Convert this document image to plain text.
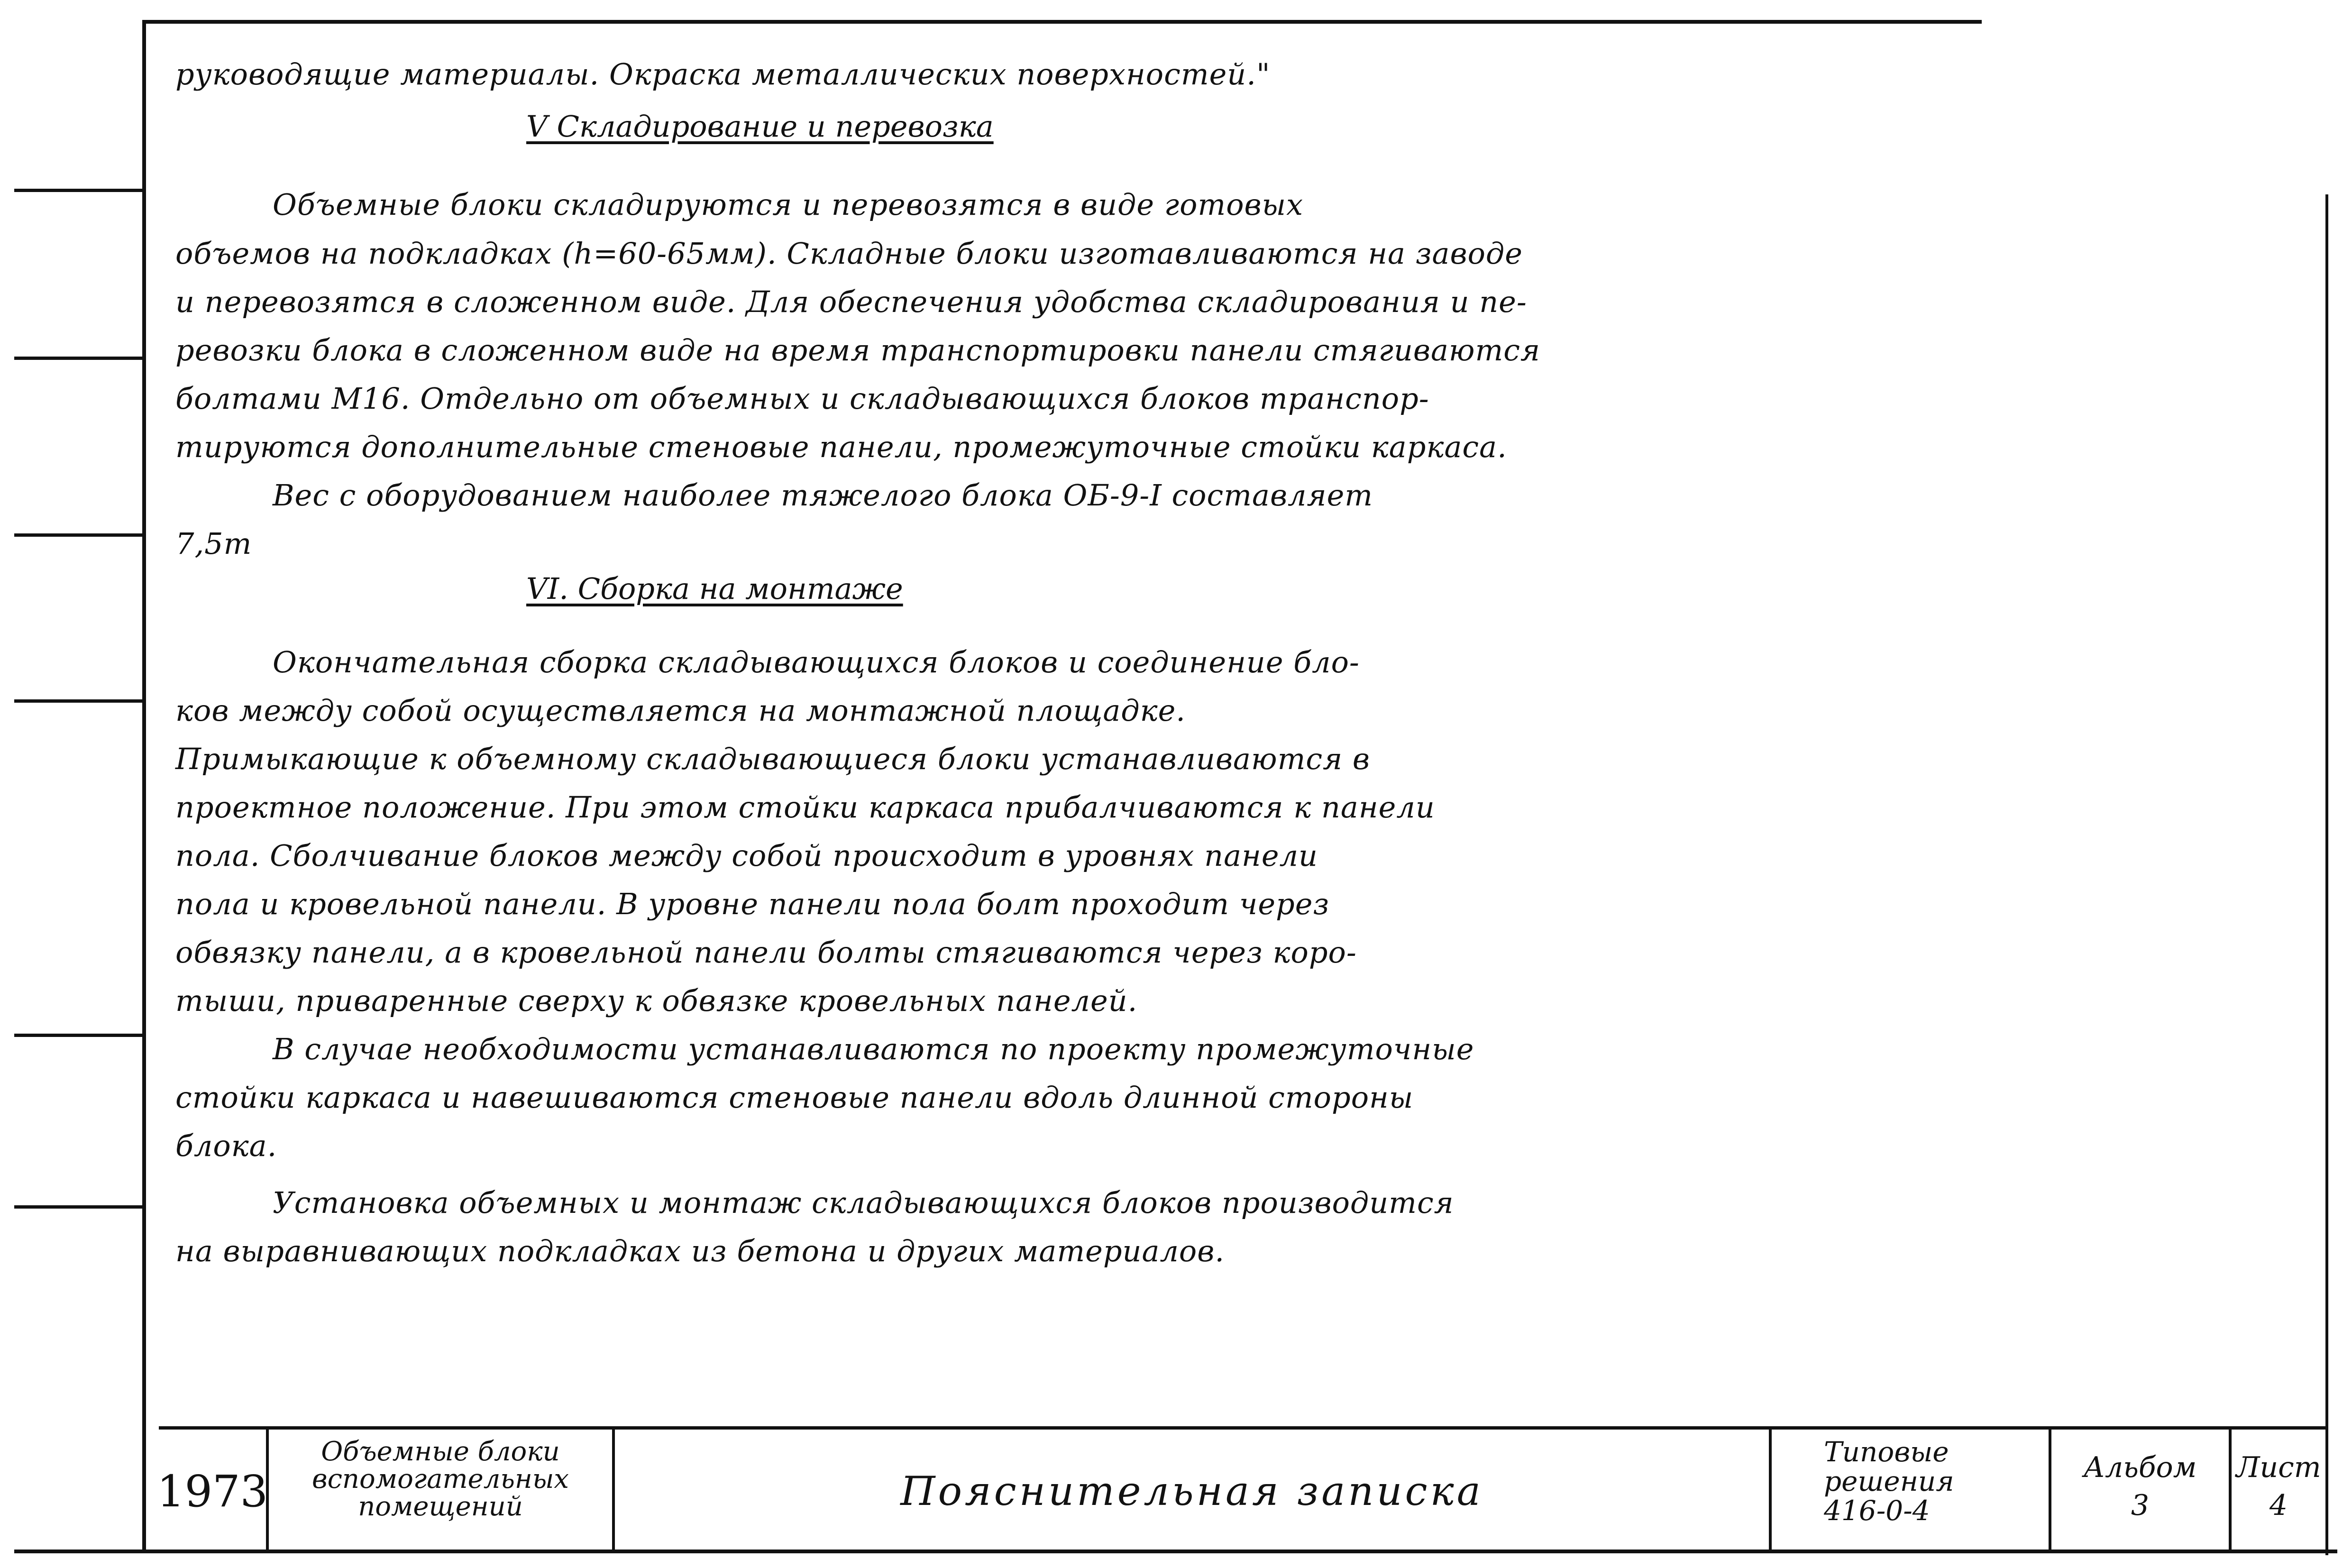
руководящие материалы. Окраска металлических поверхностей."
V Складирование и перевозка
Объемные блоки складируются и перевозятся в виде готовых
объемов на подкладках (h=60-65мм). Складные блоки изготавливаются на заводе
и перевозятся в сложенном виде. Для обеспечения удобства складирования и пе-
ревозки блока в сложенном виде на время транспортировки панели стягиваются
болтами М16. Отдельно от объемных и складывающихся блоков транспор-
тируются дополнительные стеновые панели, промежуточные стойки каркаса.
Вес с оборудованием наиболее тяжелого блока ОБ-9-I составляет
7,5т
VI. Сборка на монтаже
Окончательная сборка складывающихся блоков и соединение бло-
ков между собой осуществляется на монтажной площадке.
Примыкающие к объемному складывающиеся блоки устанавливаются в
проектное положение. При этом стойки каркаса прибалчиваются к панели
пола. Сболчивание блоков между собой происходит в уровнях панели
пола и кровельной панели. В уровне панели пола болт проходит через
обвязку панели, а в кровельной панели болты стягиваются через коро-
тыши, приваренные сверху к обвязке кровельных панелей.
В случае необходимости устанавливаются по проекту промежуточные
стойки каркаса и навешиваются стеновые панели вдоль длинной стороны
блока.
Установка объемных и монтаж складывающихся блоков производится
на выравнивающих подкладках из бетона и других материалов.
1973
Объемные блоки
вспомогательных
помещений	Пояснительная записка
Типовые
решения
416-0-4
Альбом
3
Лист
4
